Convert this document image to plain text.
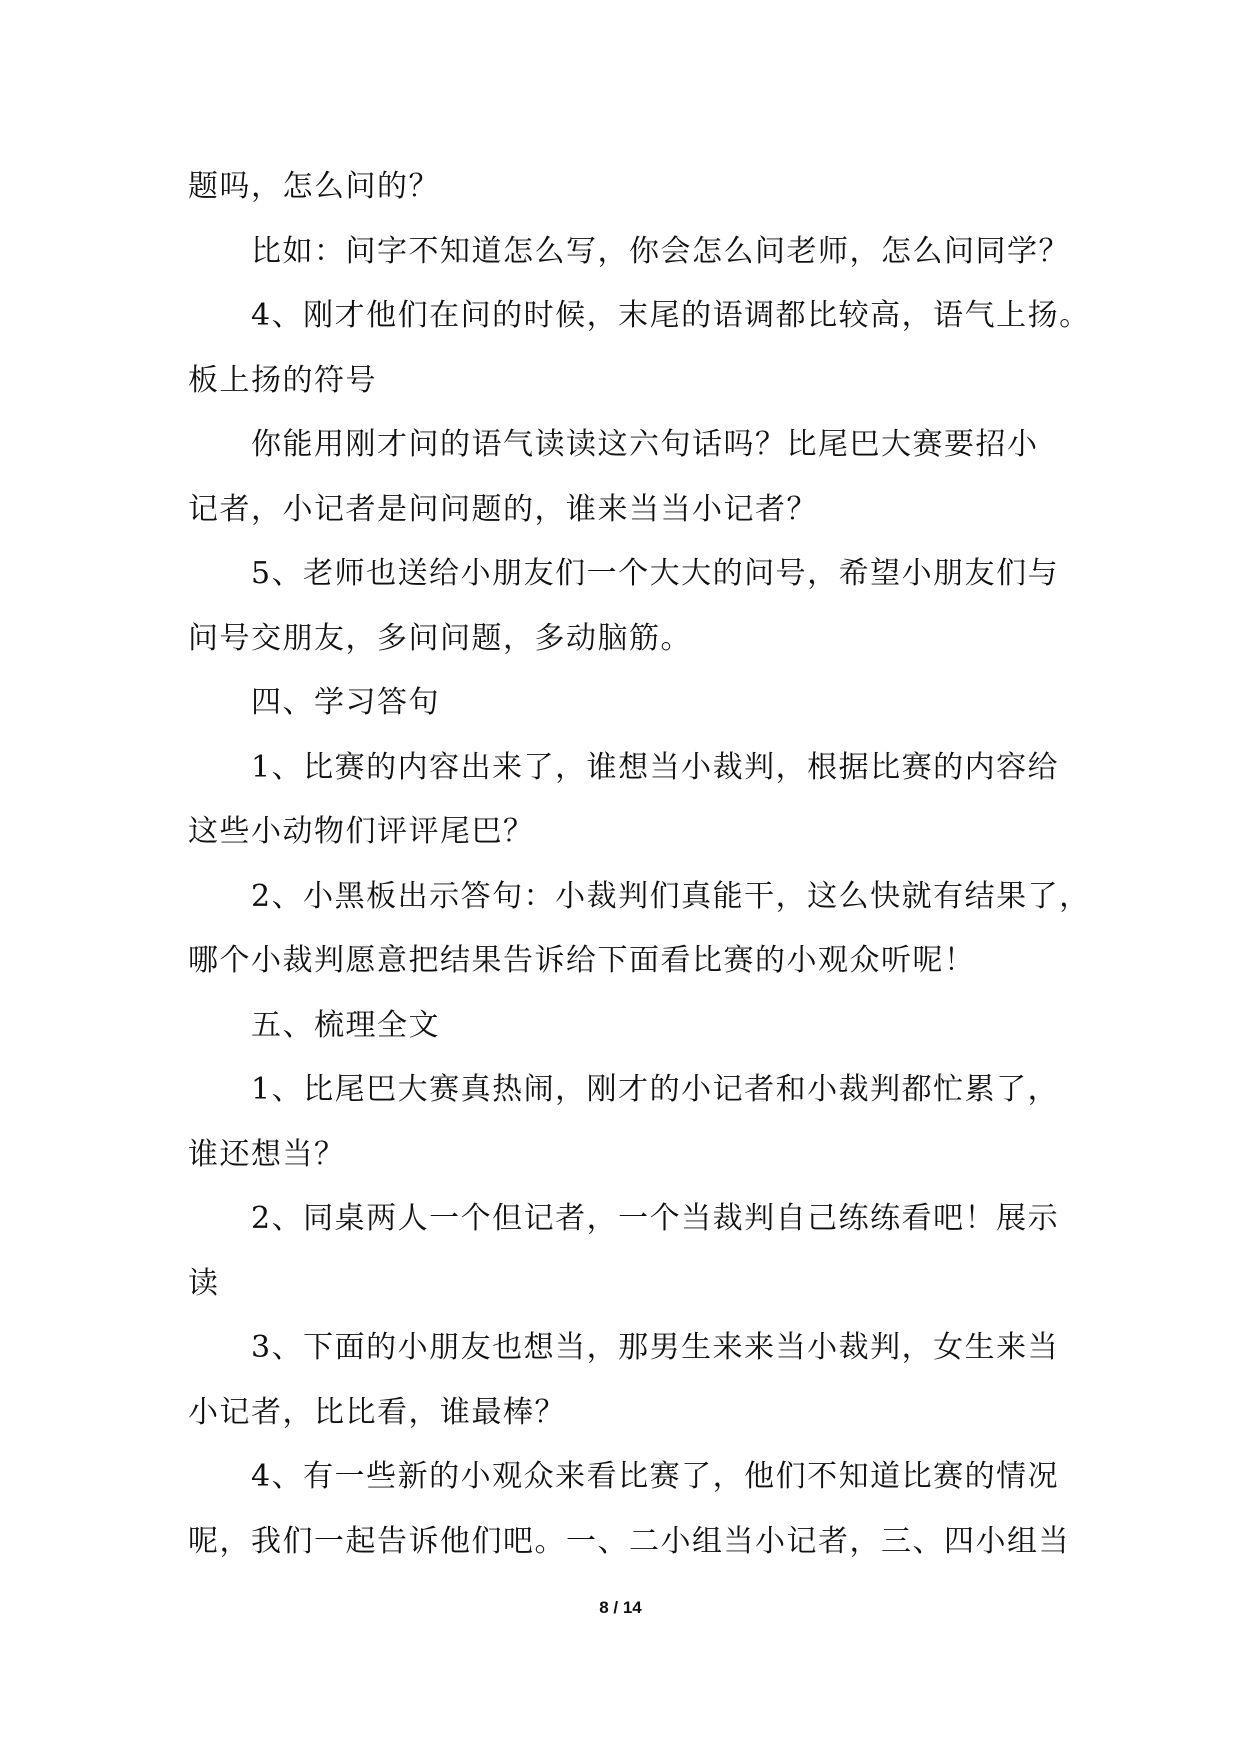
题吗，怎么问的？
比如：问字不知道怎么写，你会怎么问老师，怎么问同学？
4、刚才他们在问的时候，末尾的语调都比较高，语气上扬。
板上扬的符号
你能用刚才问的语气读读这六句话吗？比尾巴大赛要招小
记者，小记者是问问题的，谁来当当小记者？
5、老师也送给小朋友们一个大大的问号，希望小朋友们与
问号交朋友，多问问题，多动脑筋。
四、学习答句
1、比赛的内容出来了，谁想当小裁判，根据比赛的内容给
这些小动物们评评尾巴？
2、小黑板出示答句：小裁判们真能干，这么快就有结果了，
哪个小裁判愿意把结果告诉给下面看比赛的小观众听呢！
五、梳理全文
1、比尾巴大赛真热闹，刚才的小记者和小裁判都忙累了，
谁还想当？
2、同桌两人一个但记者，一个当裁判自己练练看吧！展示
读
3、下面的小朋友也想当，那男生来来当小裁判，女生来当
小记者，比比看，谁最棒？
4、有一些新的小观众来看比赛了，他们不知道比赛的情况
呢，我们一起告诉他们吧。一、二小组当小记者，三、四小组当
8 / 14
